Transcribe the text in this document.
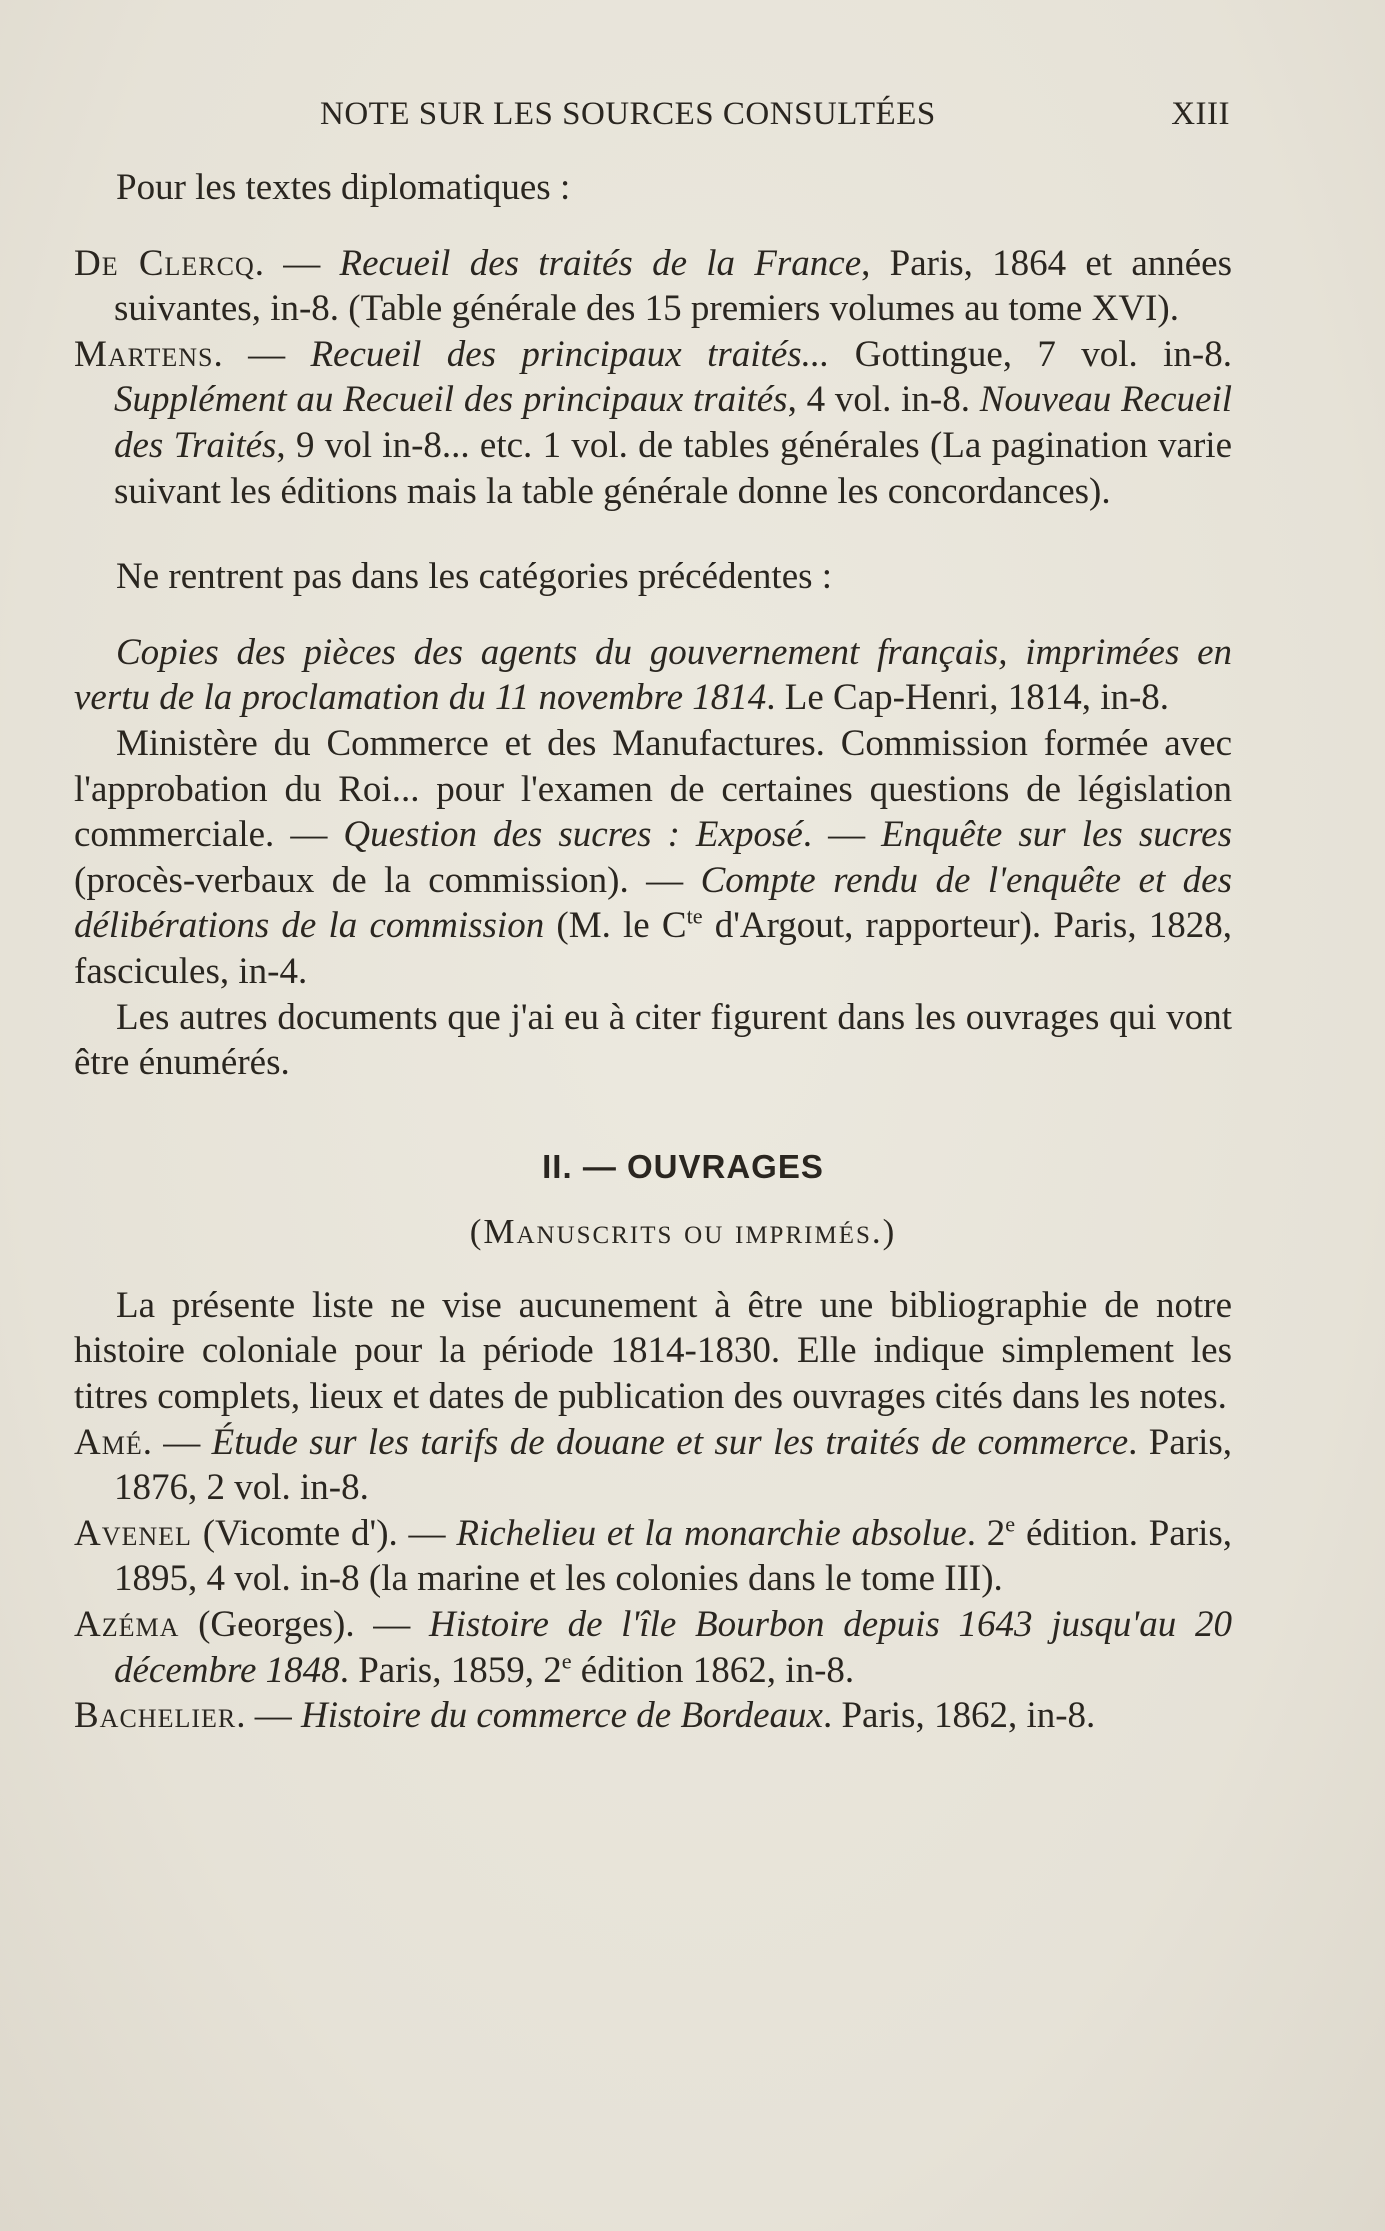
NOTE SUR LES SOURCES CONSULTÉES	XIII

Pour les textes diplomatiques :

De Clercq. — Recueil des traités de la France, Paris, 1864 et années suivantes, in-8. (Table générale des 15 premiers volumes au tome XVI).

Martens. — Recueil des principaux traités... Gottingue, 7 vol. in-8. Supplément au Recueil des principaux traités, 4 vol. in-8. Nouveau Recueil des Traités, 9 vol in-8... etc. 1 vol. de tables générales (La pagination varie suivant les éditions mais la table générale donne les concordances).

Ne rentrent pas dans les catégories précédentes :

Copies des pièces des agents du gouvernement français, imprimées en vertu de la proclamation du 11 novembre 1814. Le Cap-Henri, 1814, in-8.

Ministère du Commerce et des Manufactures. Commission formée avec l'approbation du Roi... pour l'examen de certaines questions de législation commerciale. — Question des sucres : Exposé. — Enquête sur les sucres (procès-verbaux de la commission). — Compte rendu de l'enquête et des délibérations de la commission (M. le $C^{te}$ d'Argout, rapporteur). Paris, 1828, fascicules, in-4.

Les autres documents que j'ai eu à citer figurent dans les ouvrages qui vont être énumérés.

II. — OUVRAGES
(Manuscrits ou imprimés.)

La présente liste ne vise aucunement à être une bibliographie de notre histoire coloniale pour la période 1814-1830. Elle indique simplement les titres complets, lieux et dates de publication des ouvrages cités dans les notes.

Amé. — Étude sur les tarifs de douane et sur les traités de commerce. Paris, 1876, 2 vol. in-8.

Avenel (Vicomte d'). — Richelieu et la monarchie absolue. 2e édition. Paris, 1895, 4 vol. in-8 (la marine et les colonies dans le tome III).

Azéma (Georges). — Histoire de l'île Bourbon depuis 1643 jusqu'au 20 décembre 1848. Paris, 1859, 2e édition 1862, in-8.

Bachelier. — Histoire du commerce de Bordeaux. Paris, 1862, in-8.
